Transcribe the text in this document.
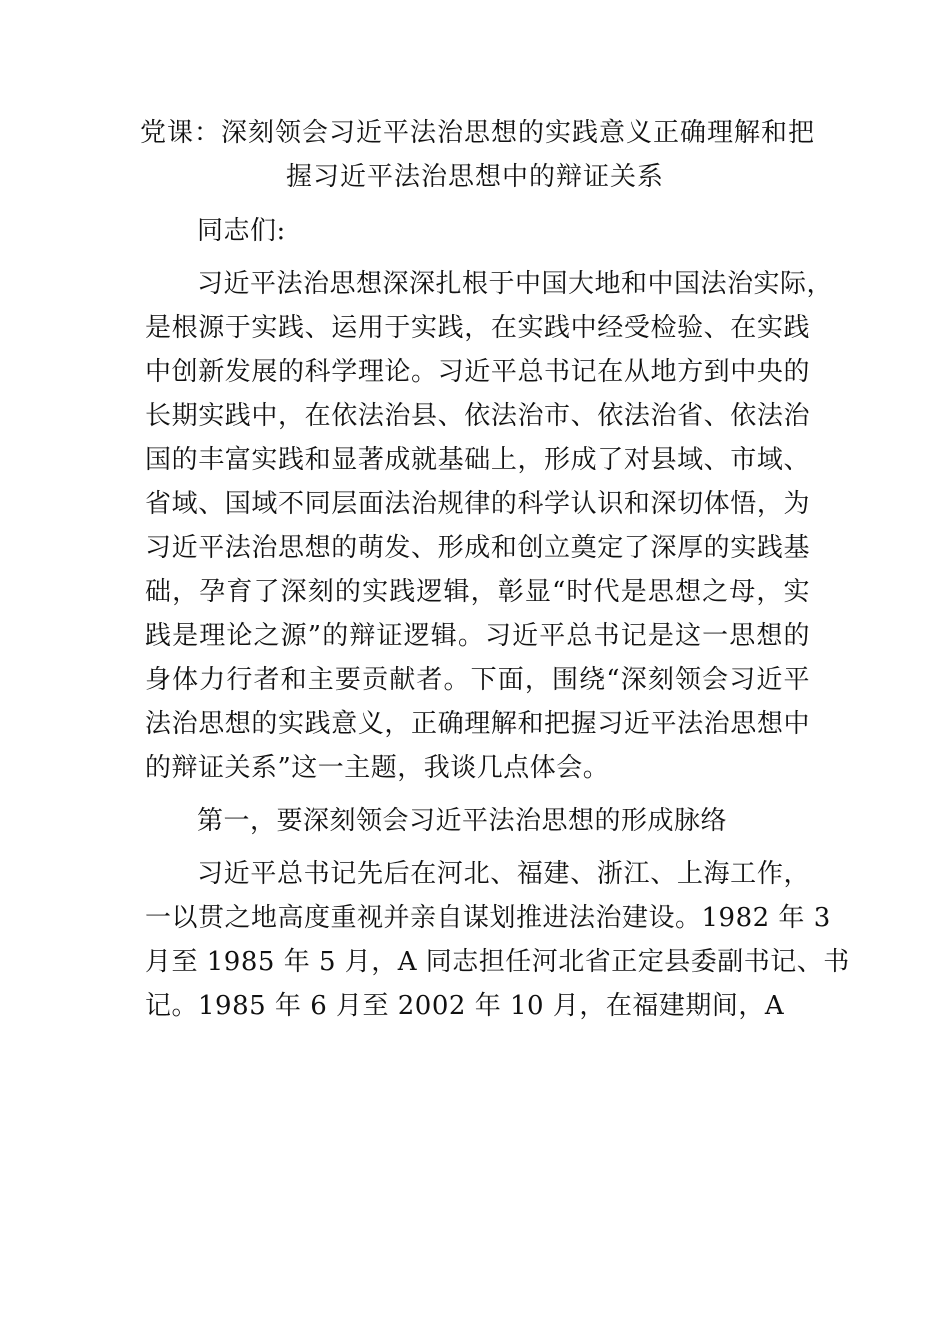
党课：深刻领会习近平法治思想的实践意义正确理解和把
握习近平法治思想中的辩证关系
同志们:
习近平法治思想深深扎根于中国大地和中国法治实际，
是根源于实践、运用于实践，在实践中经受检验、在实践
中创新发展的科学理论。习近平总书记在从地方到中央的
长期实践中，在依法治县、依法治市、依法治省、依法治
国的丰富实践和显著成就基础上，形成了对县域、市域、
省域、国域不同层面法治规律的科学认识和深切体悟，为
习近平法治思想的萌发、形成和创立奠定了深厚的实践基
础，孕育了深刻的实践逻辑，彰显“时代是思想之母，实
践是理论之源”的辩证逻辑。习近平总书记是这一思想的
身体力行者和主要贡献者。下面，围绕“深刻领会习近平
法治思想的实践意义，正确理解和把握习近平法治思想中
的辩证关系”这一主题，我谈几点体会。
第一，要深刻领会习近平法治思想的形成脉络
习近平总书记先后在河北、福建、浙江、上海工作，
一以贯之地高度重视并亲自谋划推进法治建设。1982 年 3
月至 1985 年 5 月，A 同志担任河北省正定县委副书记、书
记。1985 年 6 月至 2002 年 10 月，在福建期间，A
